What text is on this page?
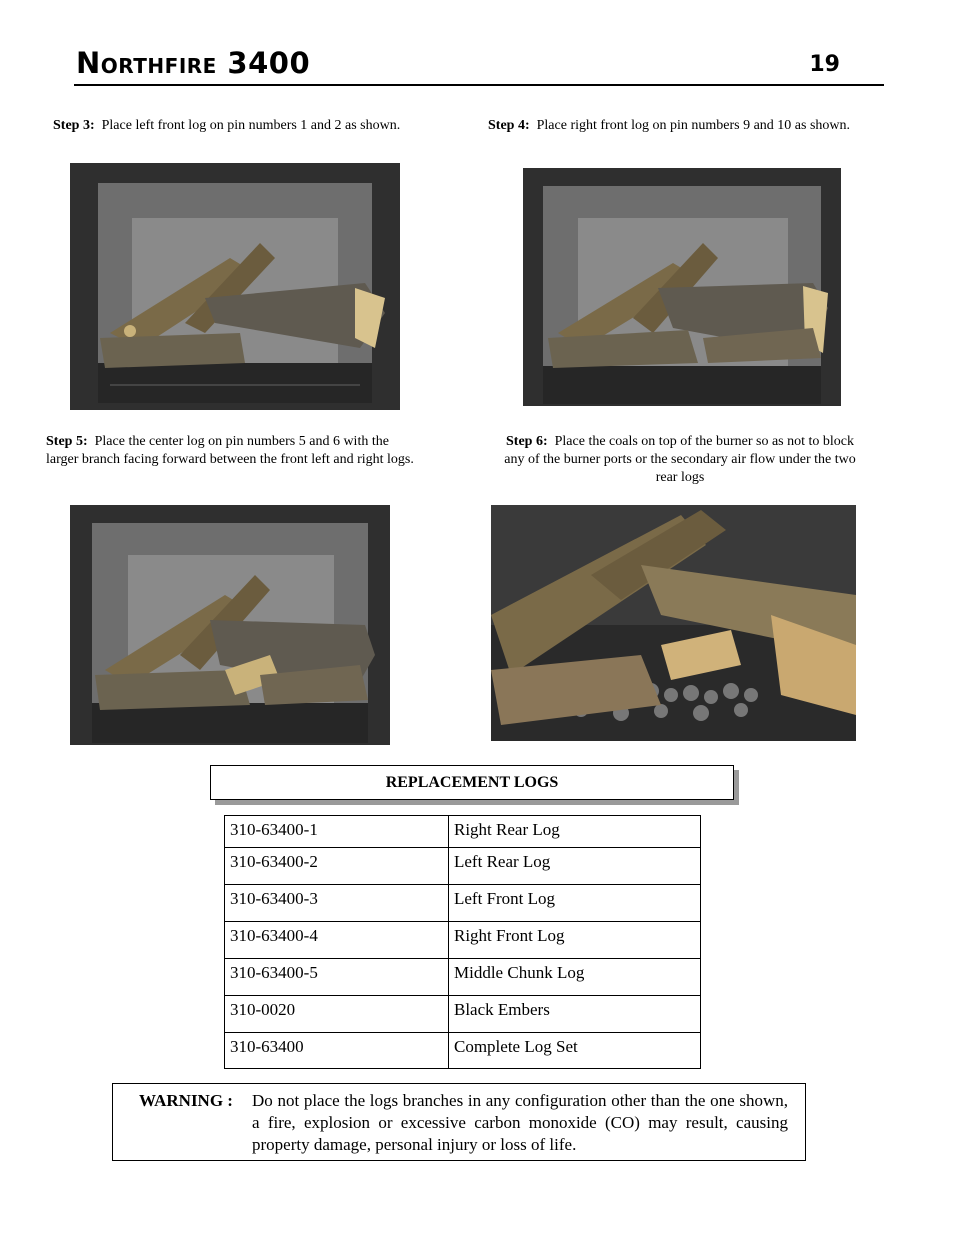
Northfire 3400	19
Step 3: Place left front log on pin numbers 1 and 2 as shown.	Step 4: Place right front log on pin numbers 9 and 10 as shown.
Step 5: Place the center log on pin numbers 5 and 6 with the larger branch facing forward between the front left and right logs.
Step 6: Place the coals on top of the burner so as not to block any of the burner ports or the secondary air flow under the two rear logs
REPLACEMENT LOGS
310-63400-1	Right Rear Log
310-63400-2	Left Rear Log
310-63400-3	Left Front Log
310-63400-4	Right Front Log
310-63400-5	Middle Chunk Log
310-0020	Black Embers
310-63400	Complete Log Set
WARNING : Do not place the logs branches in any configuration other than the one shown, a fire, explosion or excessive carbon monoxide (CO) may result, causing property damage, personal injury or loss of life.
